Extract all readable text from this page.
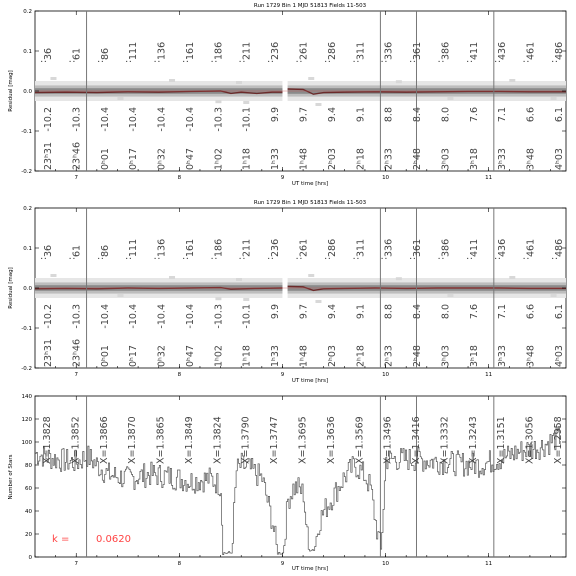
Run 1729 Bin 1 MJD 51813 Fields 11-503
Residual [mag]
UT time [hrs]
36
-10.2
23ʰ31
:
61
-10.3
23ʰ46
:
86
-10.4
0ʰ01
:
111
-10.4
0ʰ17
:
136
-10.4
0ʰ32
:
161
-10.4
0ʰ47
:
186
-10.3
1ʰ02
:
211
-10.1
1ʰ18
:
236
9.9
1ʰ33
:
261
9.7
1ʰ48
:
286
9.4
2ʰ03
:
311
9.1
2ʰ18
:
336
8.8
2ʰ33
:
361
8.4
2ʰ48
:
386
8.0
3ʰ03
:
411
7.6
3ʰ18
:
436
7.1
3ʰ33
:
461
6.6
3ʰ48
:
486
6.1
4ʰ03
:
7	8	9	10	11
-0.2
-0.1
0.0
0.1
0.2
Run 1729 Bin 1 MJD 51813 Fields 11-503
Residual [mag]
UT time [hrs]
36
-10.2
23ʰ31
:
61
-10.3
23ʰ46
:
86
-10.4
0ʰ01
:
111
-10.4
0ʰ17
:
136
-10.4
0ʰ32
:
161
-10.4
0ʰ47
:
186
-10.3
1ʰ02
:
211
-10.1
1ʰ18
:
236
9.9
1ʰ33
:
261
9.7
1ʰ48
:
286
9.4
2ʰ03
:
311
9.1
2ʰ18
:
336
8.8
2ʰ33
:
361
8.4
2ʰ48
:
386
8.0
3ʰ03
:
411
7.6
3ʰ18
:
436
7.1
3ʰ33
:
461
6.6
3ʰ48
:
486
6.1
4ʰ03
:
7	8	9	10	11
-0.2
-0.1
0.0
0.1
0.2
Number of Stars
UT time [hrs]
k =	0.0620
X=1.3828 X=1.3852 X=1.3866 X=1.3870 X=1.3865 X=1.3849 X=1.3824 X=1.3790 X=1.3747 X=1.3695 X=1.3636 X=1.3569 X=1.3496 X=1.3416 X=1.3332 X=1.3243 X=1.3151 X=1.3056 X=1.2958
7	8	9	10	11
0
20
40
60
80
100
120
140
